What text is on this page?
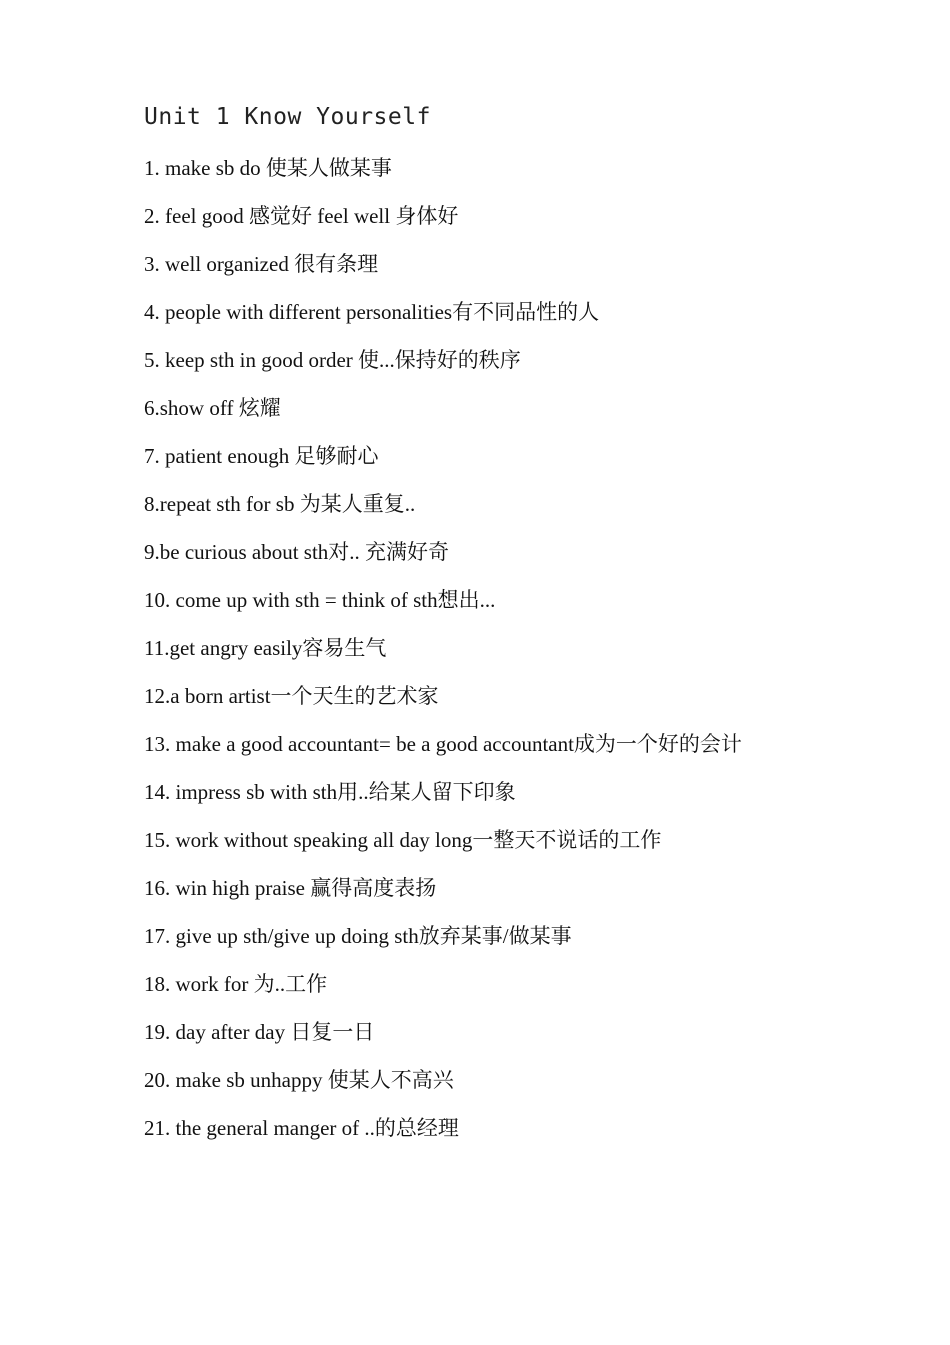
Unit 1 Know Yourself
1. make sb do 使某人做某事
2. feel good 感觉好 feel well 身体好
3. well organized 很有条理
4. people with different personalities有不同品性的人
5. keep sth in good order 使...保持好的秩序
6.show off 炫耀
7. patient enough 足够耐心
8.repeat sth for sb 为某人重复..
9.be curious about sth对.. 充满好奇
10. come up with sth = think of sth想出...
11.get angry easily容易生气
12.a born artist一个天生的艺术家
13. make a good accountant= be a good accountant成为一个好的会计
14. impress sb with sth用..给某人留下印象
15. work without speaking all day long一整天不说话的工作
16. win high praise 赢得高度表扬
17. give up sth/give up doing sth放弃某事/做某事
18. work for 为..工作
19. day after day 日复一日
20. make sb unhappy 使某人不高兴
21. the general manger of ..的总经理
